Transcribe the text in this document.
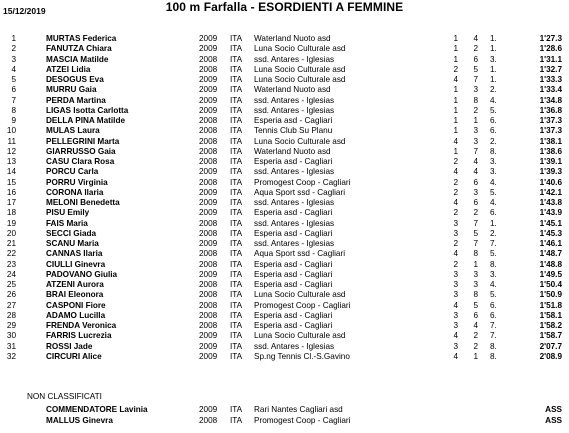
15/12/2019	100 m Farfalla - ESORDIENTI A FEMMINE
1	MURTAS Federica	2009 ITA Waterland Nuoto asd	1	4 1.	1'27.3
2	FANUTZA Chiara	2009 ITA Luna Socio Culturale asd	1	2 1.	1'28.6
3	MASCIA Matilde	2008 ITA ssd. Antares - Iglesias	1	6 3.	1'31.1
4	ATZEI Lidia	2008 ITA Luna Socio Culturale asd	2	5 1.	1'32.7
5	DESOGUS Eva	2009 ITA Luna Socio Culturale asd	4	7 1.	1'33.3
6	MURRU Gaia	2009 ITA Waterland Nuoto asd	1	3 2.	1'33.4
7	PERDA Martina	2009 ITA ssd. Antares - Iglesias	1	8 4.	1'34.8
8	LIGAS Isotta Carlotta	2009 ITA ssd. Antares - Iglesias	1	2 5.	1'36.8
9	DELLA PINA Matilde	2008 ITA Esperia asd - Cagliari	1	1 6.	1'37.3
10	MULAS Laura	2008 ITA Tennis Club Su Planu	1	3 6.	1'37.3
11	PELLEGRINI Marta	2008 ITA Luna Socio Culturale asd	4	3 2.	1'38.1
12	GIARRUSSO Gaia	2008 ITA Waterland Nuoto asd	1	7 8.	1'38.6
13	CASU Clara Rosa	2008 ITA Esperia asd - Cagliari	2	4 3.	1'39.1
14	PORCU Carla	2009 ITA ssd. Antares - Iglesias	4	4 3.	1'39.3
15	PORRU Virginia	2008 ITA Promogest Coop - Cagliari	2	6 4.	1'40.6
16	CORONA Ilaria	2009 ITA Aqua Sport ssd - Cagliari	2	3 5.	1'42.1
17	MELONI Benedetta	2009 ITA ssd. Antares - Iglesias	4	6 4.	1'43.8
18	PISU Emily	2009 ITA Esperia asd - Cagliari	2	2 6.	1'43.9
19	FAIS Maria	2008 ITA ssd. Antares - Iglesias	3	7 1.	1'45.1
20	SECCI Giada	2008 ITA Esperia asd - Cagliari	3	5 2.	1'45.3
21	SCANU Maria	2009 ITA ssd. Antares - Iglesias	2	7 7.	1'46.1
22	CANNAS Ilaria	2008 ITA Aqua Sport ssd - Cagliari	4	8 5.	1'48.7
23	CIULLI Ginevra	2008 ITA Esperia asd - Cagliari	2	1 8.	1'48.8
24	PADOVANO Giulia	2009 ITA Esperia asd - Cagliari	3	3 3.	1'49.5
25	ATZENI Aurora	2008 ITA Esperia asd - Cagliari	3	3 4.	1'50.4
26	BRAI Eleonora	2008 ITA Luna Socio Culturale asd	3	8 5.	1'50.9
27	CASPONI Fiore	2008 ITA Promogest Coop - Cagliari	4	5 6.	1'51.8
28	ADAMO Lucilla	2008 ITA Esperia asd - Cagliari	3	6 6.	1'58.1
29	FRENDA Veronica	2008 ITA Esperia asd - Cagliari	3	4 7.	1'58.2
30	FARRIS Lucrezia	2009 ITA Luna Socio Culturale asd	4	2 7.	1'58.7
31	ROSSI Jade	2009 ITA ssd. Antares - Iglesias	3	2 8.	2'07.7
32	CIRCURI Alice	2009 ITA Sp.ng Tennis Cl.-S.Gavino	4	1 8.	2'08.9
NON CLASSIFICATI
COMMENDATORE Lavinia	2009 ITA Rari Nantes Cagliari asd	ASS
MALLUS Ginevra	2008 ITA Promogest Coop - Cagliari	ASS
